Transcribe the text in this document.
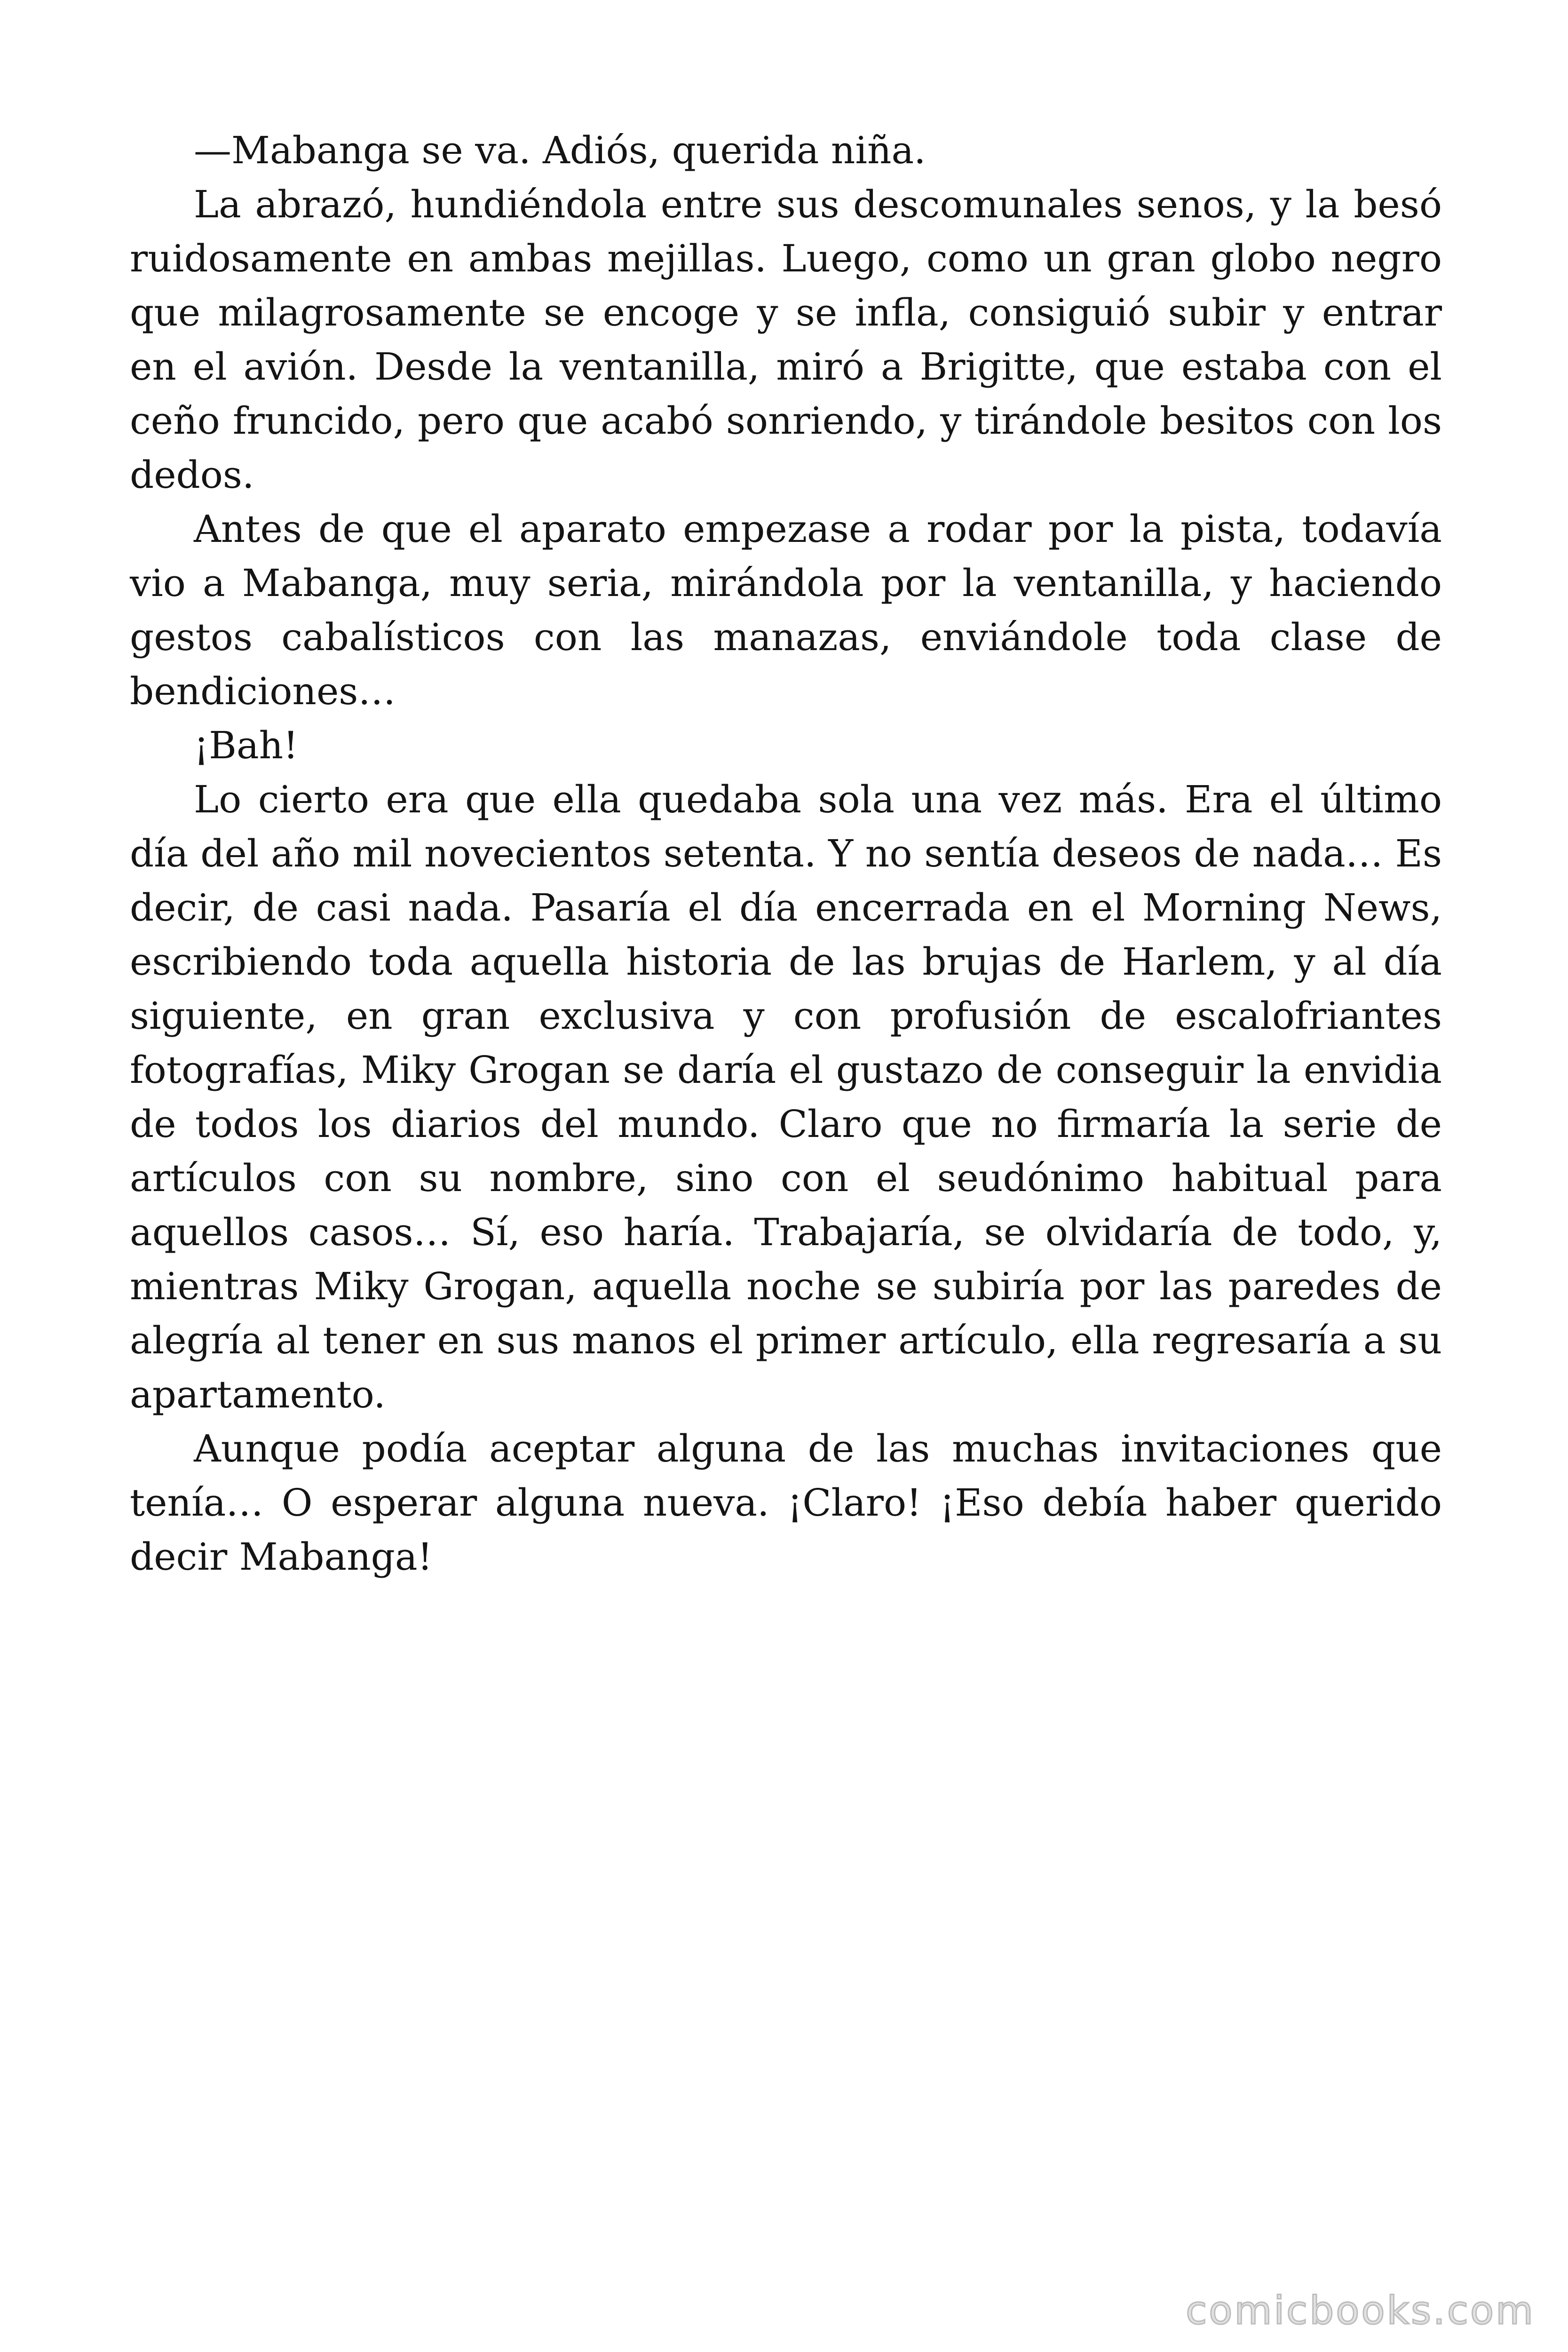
—Mabanga se va. Adiós, querida niña.

La abrazó, hundiéndola entre sus descomunales senos, y la besó ruidosamente en ambas mejillas. Luego, como un gran globo negro que milagrosamente se encoge y se infla, consiguió subir y entrar en el avión. Desde la ventanilla, miró a Brigitte, que estaba con el ceño fruncido, pero que acabó sonriendo, y tirándole besitos con los dedos.

Antes de que el aparato empezase a rodar por la pista, todavía vio a Mabanga, muy seria, mirándola por la ventanilla, y haciendo gestos cabalísticos con las manazas, enviándole toda clase de bendiciones…

¡Bah!

Lo cierto era que ella quedaba sola una vez más. Era el último día del año mil novecientos setenta. Y no sentía deseos de nada… Es decir, de casi nada. Pasaría el día encerrada en el Morning News, escribiendo toda aquella historia de las brujas de Harlem, y al día siguiente, en gran exclusiva y con profusión de escalofriantes fotografías, Miky Grogan se daría el gustazo de conseguir la envidia de todos los diarios del mundo. Claro que no firmaría la serie de artículos con su nombre, sino con el seudónimo habitual para aquellos casos… Sí, eso haría. Trabajaría, se olvidaría de todo, y, mientras Miky Grogan, aquella noche se subiría por las paredes de alegría al tener en sus manos el primer artículo, ella regresaría a su apartamento.

Aunque podía aceptar alguna de las muchas invitaciones que tenía… O esperar alguna nueva. ¡Claro! ¡Eso debía haber querido decir Mabanga!

comicbooks.com
